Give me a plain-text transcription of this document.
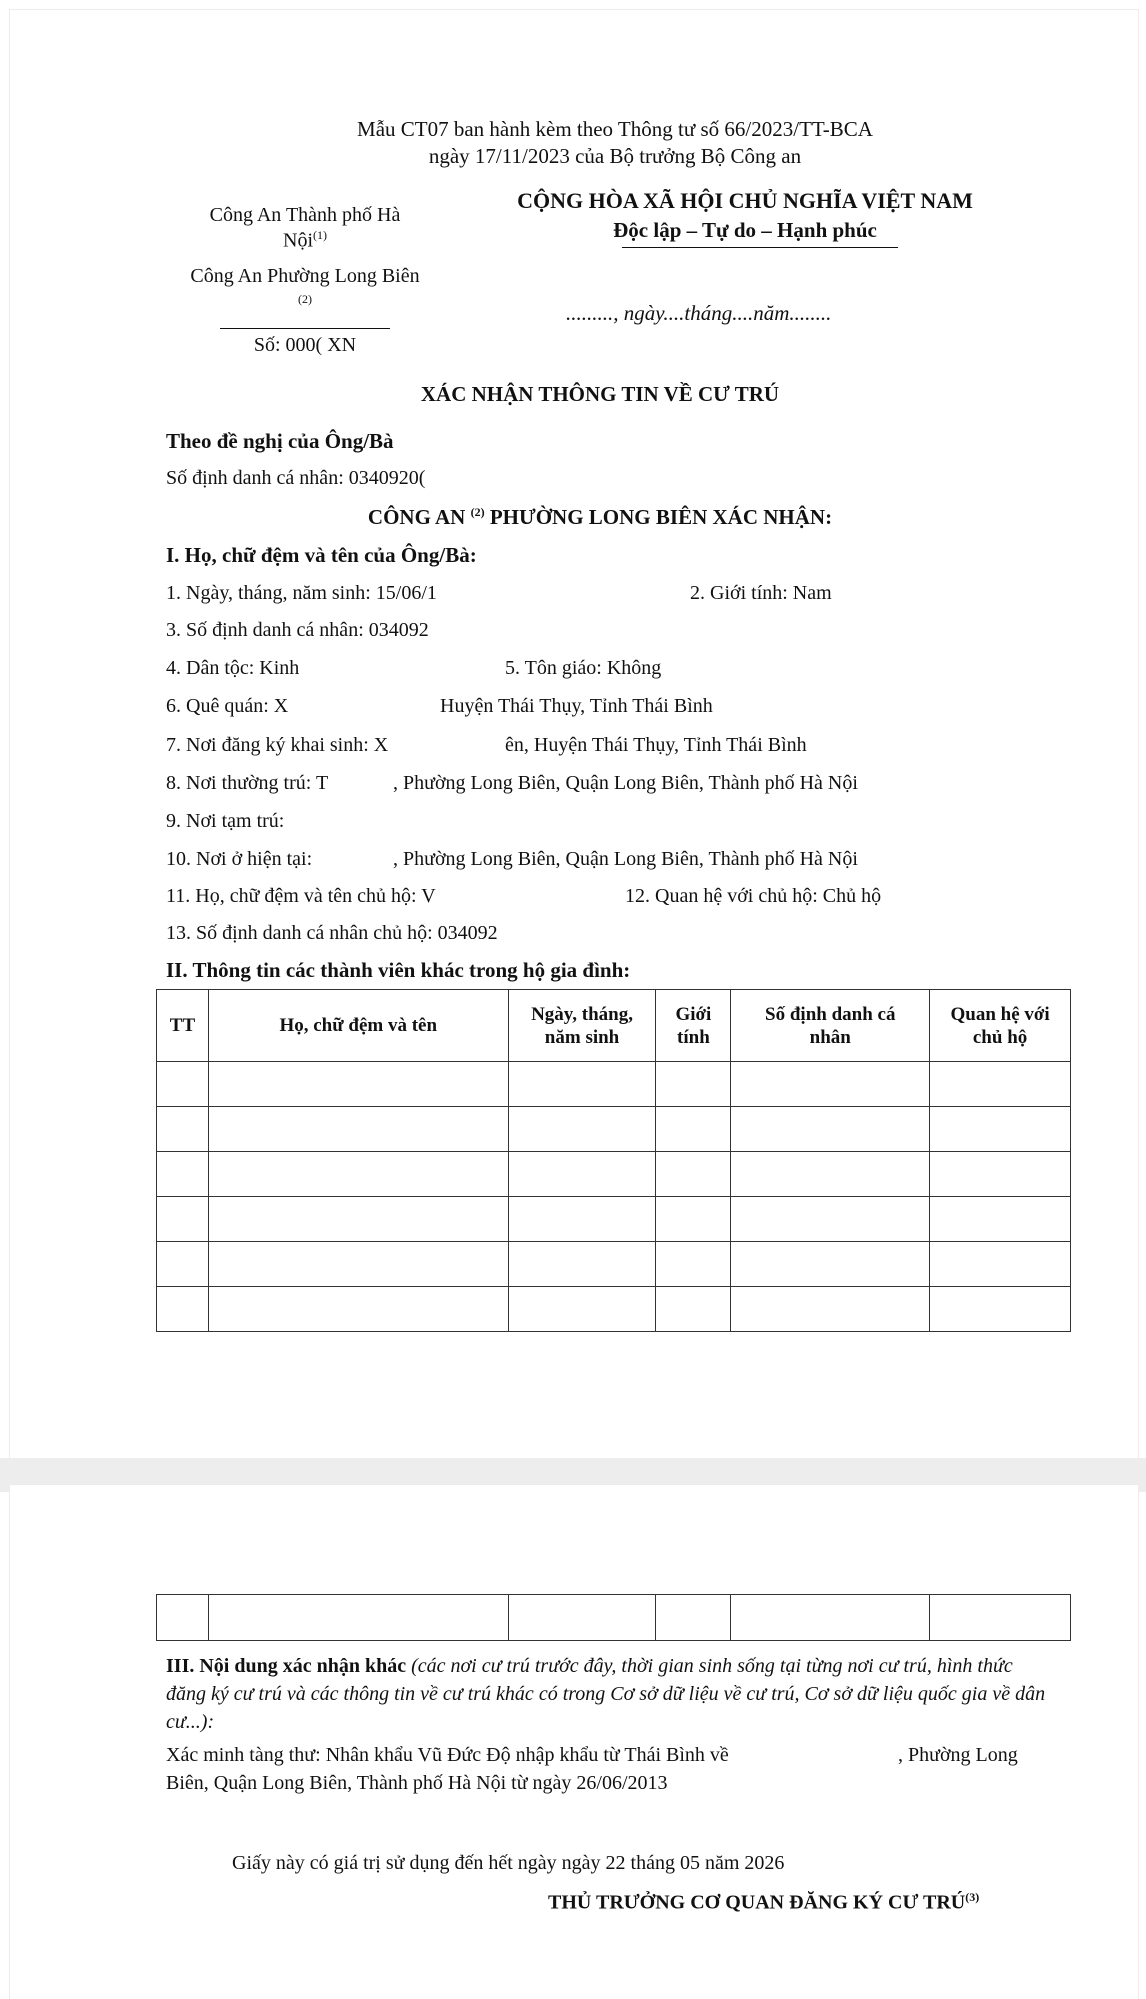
Mẫu CT07 ban hành kèm theo Thông tư số 66/2023/TT-BCA
ngày 17/11/2023 của Bộ trưởng Bộ Công an
Công An Thành phố Hà
Nội$^{(1)}$
Công An Phường Long Biên
(2)
Số: 000( XN
CỘNG HÒA XÃ HỘI CHỦ NGHĨA VIỆT NAM
Độc lập – Tự do – Hạnh phúc
........., ngày....tháng....năm........
XÁC NHẬN THÔNG TIN VỀ CƯ TRÚ
Theo đề nghị của Ông/Bà
Số định danh cá nhân: 0340920(
CÔNG AN $^{(2)}$ PHƯỜNG LONG BIÊN XÁC NHẬN:
I. Họ, chữ đệm và tên của Ông/Bà:
1. Ngày, tháng, năm sinh: 15/06/1	2. Giới tính: Nam
3. Số định danh cá nhân: 034092
4. Dân tộc: Kinh	5. Tôn giáo: Không
6. Quê quán: X	Huyện Thái Thụy, Tỉnh Thái Bình
7. Nơi đăng ký khai sinh: X	ên, Huyện Thái Thụy, Tỉnh Thái Bình
8. Nơi thường trú: T	, Phường Long Biên, Quận Long Biên, Thành phố Hà Nội
9. Nơi tạm trú:
10. Nơi ở hiện tại:	, Phường Long Biên, Quận Long Biên, Thành phố Hà Nội
11. Họ, chữ đệm và tên chủ hộ: V	12. Quan hệ với chủ hộ: Chủ hộ
13. Số định danh cá nhân chủ hộ: 034092
II. Thông tin các thành viên khác trong hộ gia đình:
TT	Họ, chữ đệm và tên	Ngày, tháng, năm sinh	Giới tính	Số định danh cá nhân	Quan hệ với chủ hộ

III. Nội dung xác nhận khác (các nơi cư trú trước đây, thời gian sinh sống tại từng nơi cư trú, hình thức đăng ký cư trú và các thông tin về cư trú khác có trong Cơ sở dữ liệu về cư trú, Cơ sở dữ liệu quốc gia về dân cư...):
Xác minh tàng thư: Nhân khẩu Vũ Đức Độ nhập khẩu từ Thái Bình về	, Phường Long
Biên, Quận Long Biên, Thành phố Hà Nội từ ngày 26/06/2013
Giấy này có giá trị sử dụng đến hết ngày ngày 22 tháng 05 năm 2026
THỦ TRƯỞNG CƠ QUAN ĐĂNG KÝ CƯ TRÚ$^{(3)}$
